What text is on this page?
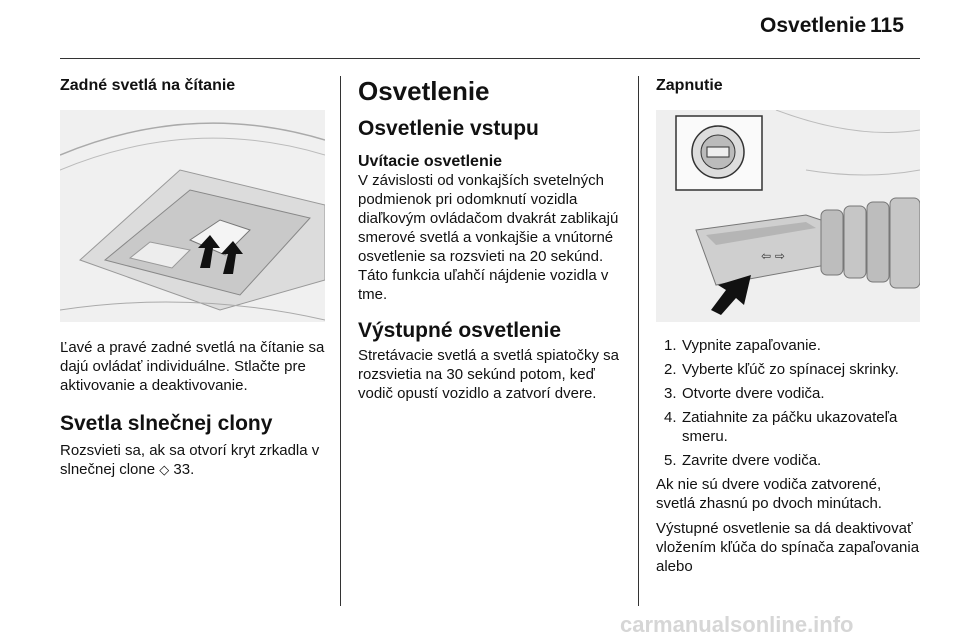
Osvetlenie 115
Zadné svetlá na čítanie

Ľavé a pravé zadné svetlá na čítanie sa dajú ovládať individuálne. Stlačte pre aktivovanie a deaktivovanie.

Svetla slnečnej clony

Rozsvieti sa, ak sa otvorí kryt zrkadla v slnečnej clone ◇ 33.

Osvetlenie
Osvetlenie vstupu
Uvítacie osvetlenie

V závislosti od vonkajších svetelných podmienok pri odomknutí vozidla diaľkovým ovládačom dvakrát zablikajú smerové svetlá a vonkajšie a vnútorné osvetlenie sa rozsvieti na 20 sekúnd. Táto funkcia uľahčí nájdenie vozidla v tme.

Výstupné osvetlenie

Stretávacie svetlá a svetlá spiatočky sa rozsvietia na 30 sekúnd potom, keď vodič opustí vozidlo a zatvorí dvere.

Zapnutie
⇦ ⇨
1. Vypnite zapaľovanie.
2. Vyberte kľúč zo spínacej skrinky.
3. Otvorte dvere vodiča.
4. Zatiahnite za páčku ukazovateľa smeru.
5. Zavrite dvere vodiča.

Ak nie sú dvere vodiča zatvorené, svetlá zhasnú po dvoch minútach.

Výstupné osvetlenie sa dá deaktivovať vložením kľúča do spínača zapaľovania alebo

carmanualsonline.info
